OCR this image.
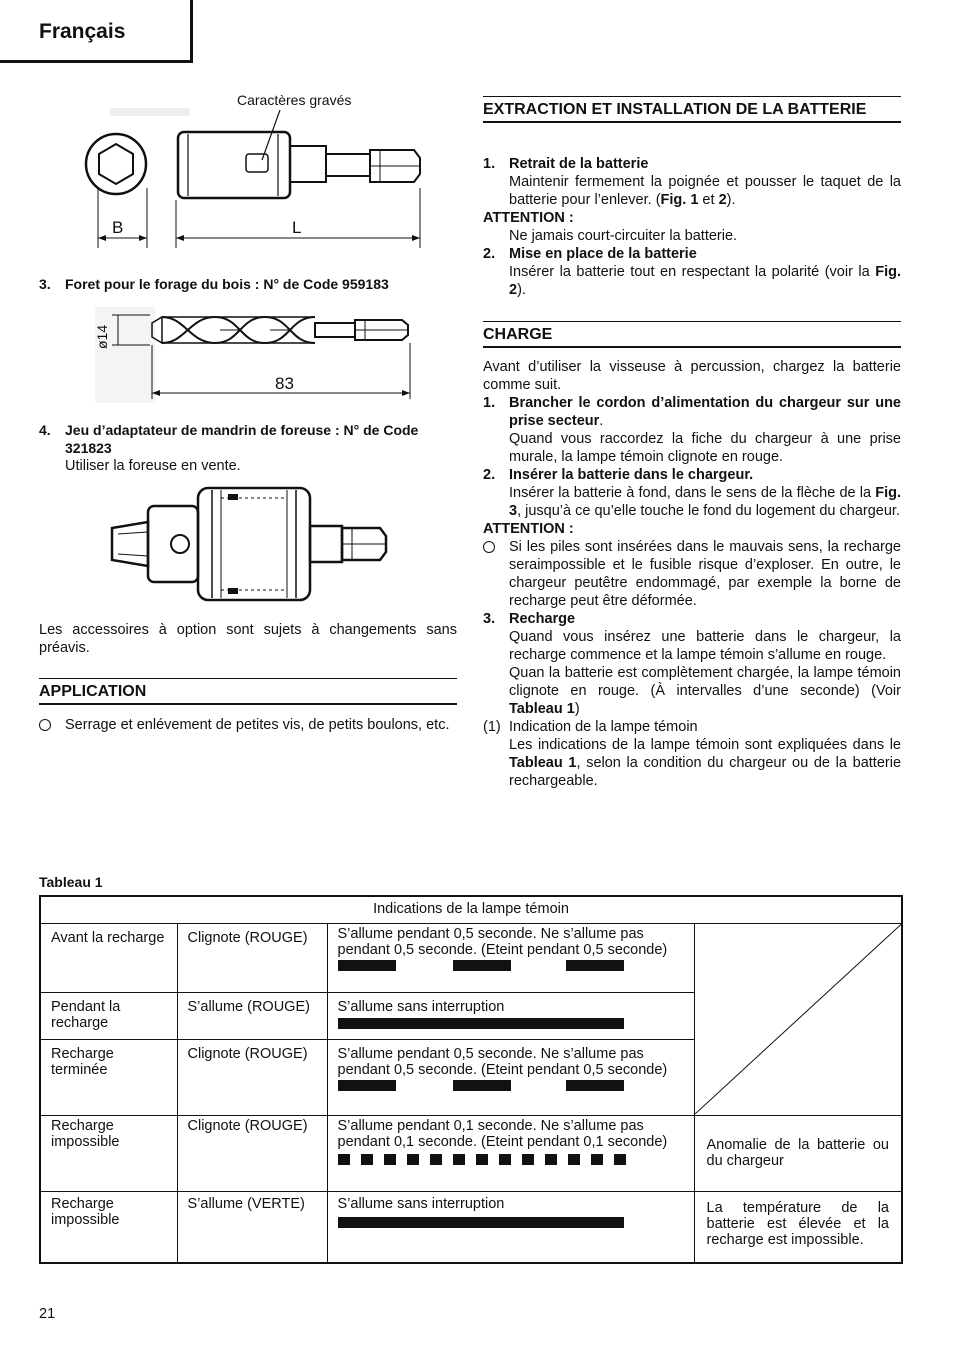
Français
Caractères gravés
B	L
3. Foret pour le forage du bois : N° de Code 959183
ø14
83
4.	Jeu d’adaptateur de mandrin de foreuse : N° de Code
321823
Utiliser la foreuse en vente.
Les accessoires à option sont sujets à changements sans préavis.
APPLICATION
Serrage et enlévement de petites vis, de petits boulons, etc.
EXTRACTION ET INSTALLATION DE LA BATTERIE
1. Retrait de la batterie
Maintenir fermement la poignée et pousser le taquet de la batterie pour l’enlever. (Fig. 1 et 2).
ATTENTION :
Ne jamais court-circuiter la batterie.
2. Mise en place de la batterie
Insérer la batterie tout en respectant la polarité (voir la Fig. 2).
CHARGE
Avant d’utiliser la visseuse à percussion, chargez la batterie comme suit.
1. Brancher le cordon d’alimentation du chargeur sur une prise secteur.
Quand vous raccordez la fiche du chargeur à une prise murale, la lampe témoin clignote en rouge.
2. Insérer la batterie dans le chargeur.
Insérer la batterie à fond, dans le sens de la flèche de la Fig. 3, jusqu’à ce qu’elle touche le fond du logement du chargeur.
ATTENTION :
Si les piles sont insérées dans le mauvais sens, la recharge seraimpossible et le fusible risque d’exploser. En outre, le chargeur peutêtre endommagé, par exemple la borne de recharge peut être déformée.
3. Recharge
Quand vous insérez une batterie dans le chargeur, la recharge commence et la lampe témoin s’allume en rouge.
Quan la batterie est complètement chargée, la lampe témoin clignote en rouge. (À intervalles d’une seconde) (Voir Tableau 1)
(1) Indication de la lampe témoin
Les indications de la lampe témoin sont expliquées dans le Tableau 1, selon la condition du chargeur ou de la batterie rechargeable.
Tableau 1
Indications de la lampe témoin			
Avant la recharge	Clignote (ROUGE)	S’allume pendant 0,5 seconde. Ne s’allume pas pendant 0,5 seconde. (Eteint pendant 0,5 seconde)

Pendant la recharge	S’allume (ROUGE)	S’allume sans interruption	

Recharge terminée	Clignote (ROUGE)	S’allume pendant 0,5 seconde. Ne s’allume pas pendant 0,5 seconde. (Eteint pendant 0,5 seconde)	

Recharge impossible	Clignote (ROUGE)	S’allume pendant 0,1 seconde. Ne s’allume pas pendant 0,1 seconde. (Eteint pendant 0,1 seconde)	Anomalie de la batterie ou du chargeur

Recharge impossible	S’allume (VERTE)	S’allume sans interruption	La température de la batterie est élevée et la recharge est impossible.
21
